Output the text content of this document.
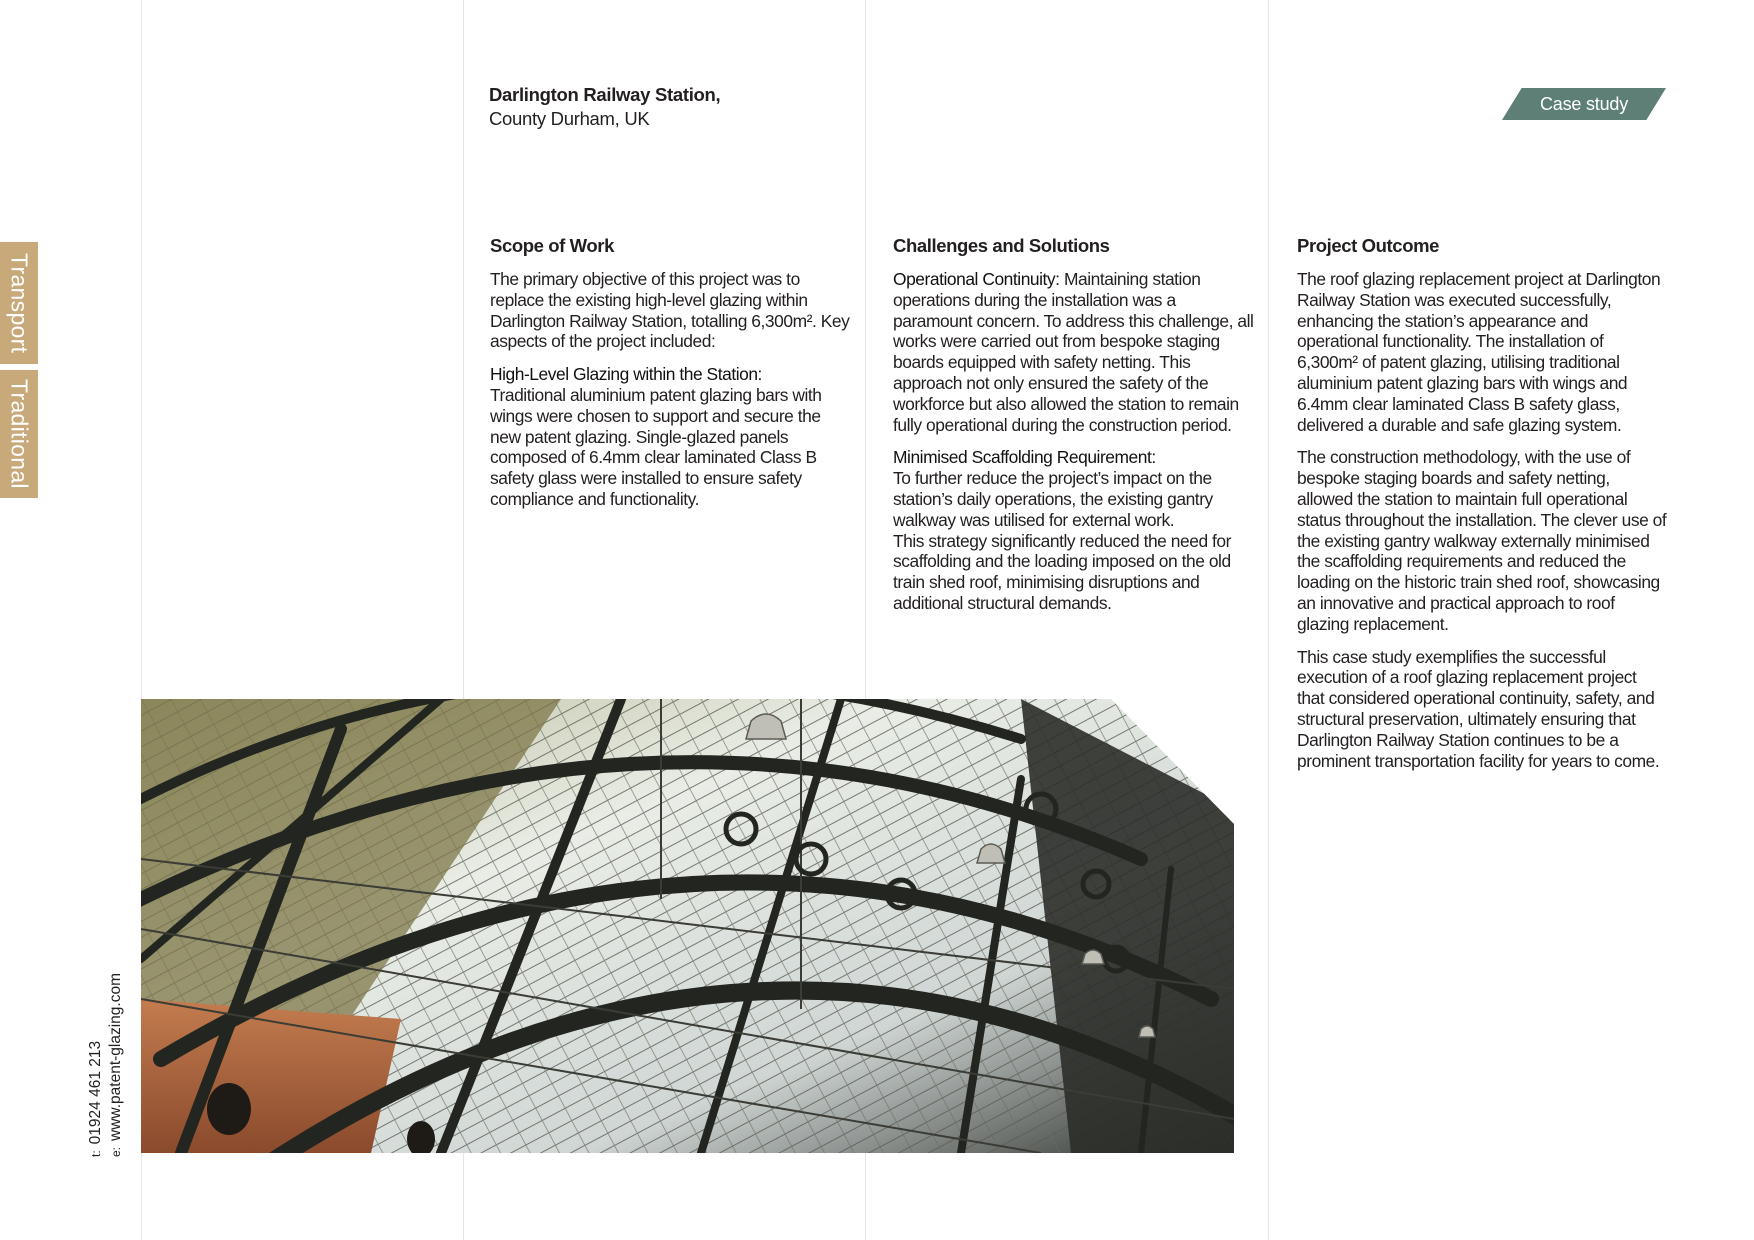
Transport
Traditional
t:01924 461 213
e:www.patent-glazing.com
Darlington Railway Station,
County Durham, UK
Case study
Scope of Work

The primary objective of this project was to replace the existing high-level glazing within Darlington Railway Station, totalling 6,300m². Key aspects of the project included:

High-Level Glazing within the Station:
Traditional aluminium patent glazing bars with wings were chosen to support and secure the new patent glazing. Single-glazed panels composed of 6.4mm clear laminated Class B safety glass were installed to ensure safety compliance and functionality.

Challenges and Solutions

Operational Continuity: Maintaining station operations during the installation was a paramount concern. To address this challenge, all works were carried out from bespoke staging boards equipped with safety netting. This approach not only ensured the safety of the workforce but also allowed the station to remain fully operational during the construction period.

Minimised Scaffolding Requirement:
To further reduce the project’s impact on the station’s daily operations, the existing gantry walkway was utilised for external work.
This strategy significantly reduced the need for scaffolding and the loading imposed on the old train shed roof, minimising disruptions and additional structural demands.

Project Outcome

The roof glazing replacement project at Darlington Railway Station was executed successfully, enhancing the station’s appearance and operational functionality. The installation of 6,300m² of patent glazing, utilising traditional aluminium patent glazing bars with wings and 6.4mm clear laminated Class B safety glass, delivered a durable and safe glazing system.

The construction methodology, with the use of bespoke staging boards and safety netting, allowed the station to maintain full operational status throughout the installation. The clever use of the existing gantry walkway externally minimised the scaffolding requirements and reduced the loading on the historic train shed roof, showcasing an innovative and practical approach to roof glazing replacement.

This case study exemplifies the successful execution of a roof glazing replacement project that considered operational continuity, safety, and structural preservation, ultimately ensuring that Darlington Railway Station continues to be a prominent transportation facility for years to come.
